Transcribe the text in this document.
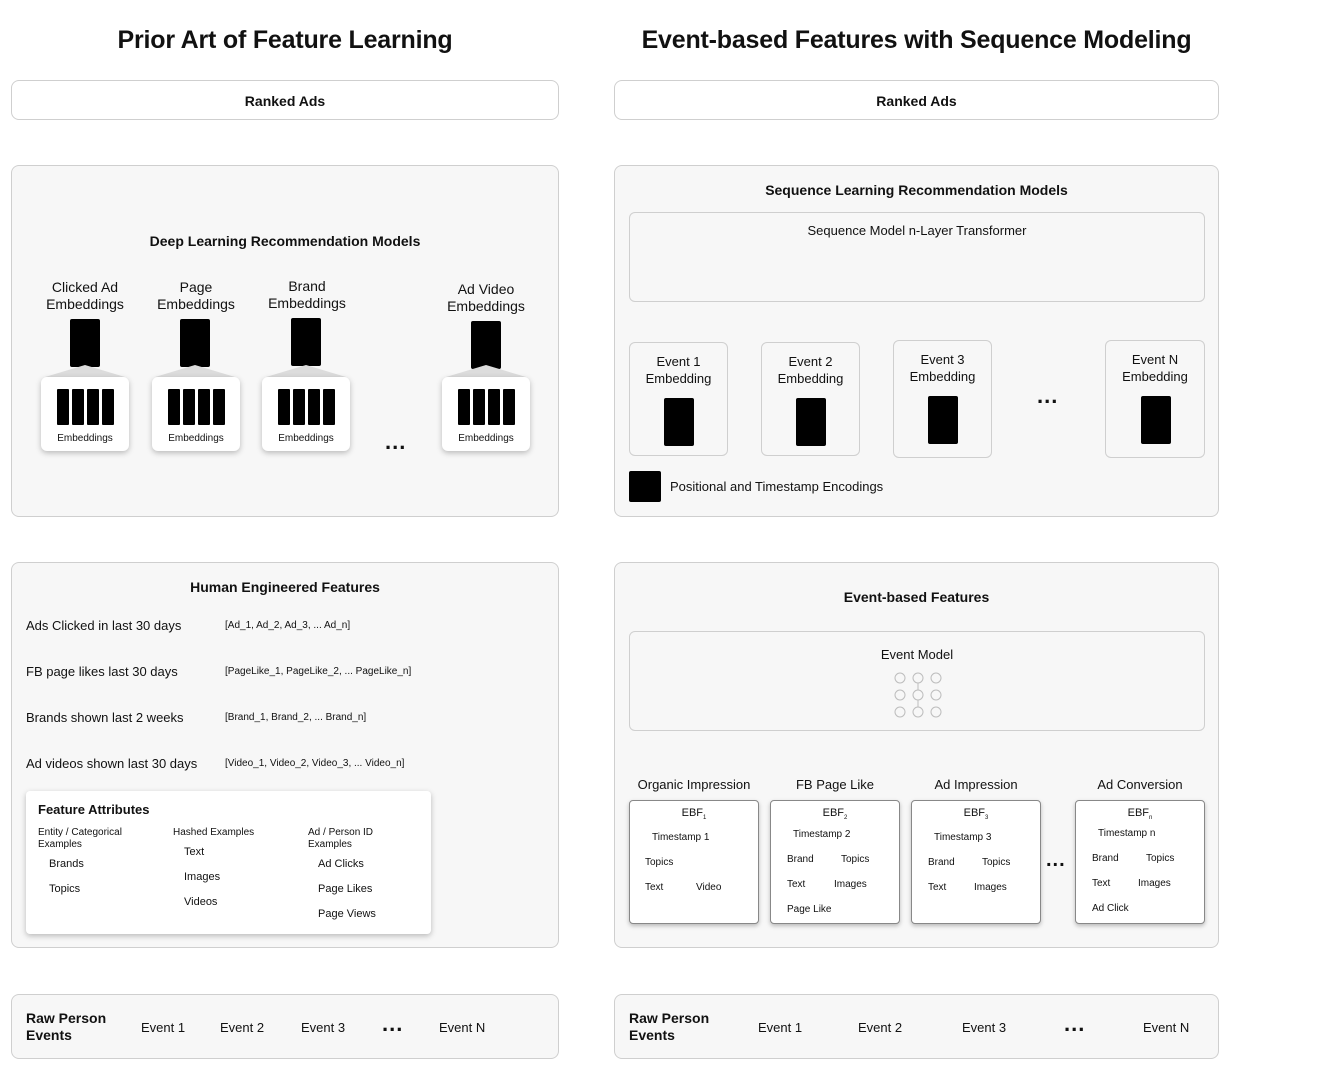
Prior Art of Feature Learning
Ranked Ads
Deep Learning Recommendation Models
Clicked Ad Embeddings
Embeddings
Page Embeddings
Embeddings
Brand Embeddings
Embeddings	...
Ad Video Embeddings
Embeddings
Human Engineered Features
Ads Clicked in last 30 days	[Ad_1, Ad_2, Ad_3, ... Ad_n]
FB page likes last 30 days	[PageLike_1, PageLike_2, ... PageLike_n]
Brands shown last 2 weeks	[Brand_1, Brand_2, ... Brand_n]
Ad videos shown last 30 days	[Video_1, Video_2, Video_3, ... Video_n]
Feature Attributes
Entity / Categorical Examples
Brands
Topics
Hashed Examples
Text
Images
Videos
Ad / Person ID Examples
Ad Clicks
Page Likes
Page Views
Raw Person Events	Event 1	Event 2	Event 3 ...	Event N
Event-based Features with Sequence Modeling
Ranked Ads
Sequence Learning Recommendation Models
Sequence Model n-Layer Transformer
Event 1 Embedding
Event 2 Embedding
Event 3 Embedding
...
Event N Embedding
Positional and Timestamp Encodings
Event-based Features
Event Model
Organic Impression
$EBF_1$
Timestamp 1
Topics
Text	Video
FB Page Like
$EBF_2$
Timestamp 2
Brand	Topics
Text	Images
Page Like
Ad Impression
$EBF_3$
Timestamp 3
Brand	Topics
Text	Images
...
Ad Conversion
$EBF_n$
Timestamp n
Brand	Topics
Text	Images
Ad Click
Raw Person Events	Event 1	Event 2	Event 3	...	Event N
